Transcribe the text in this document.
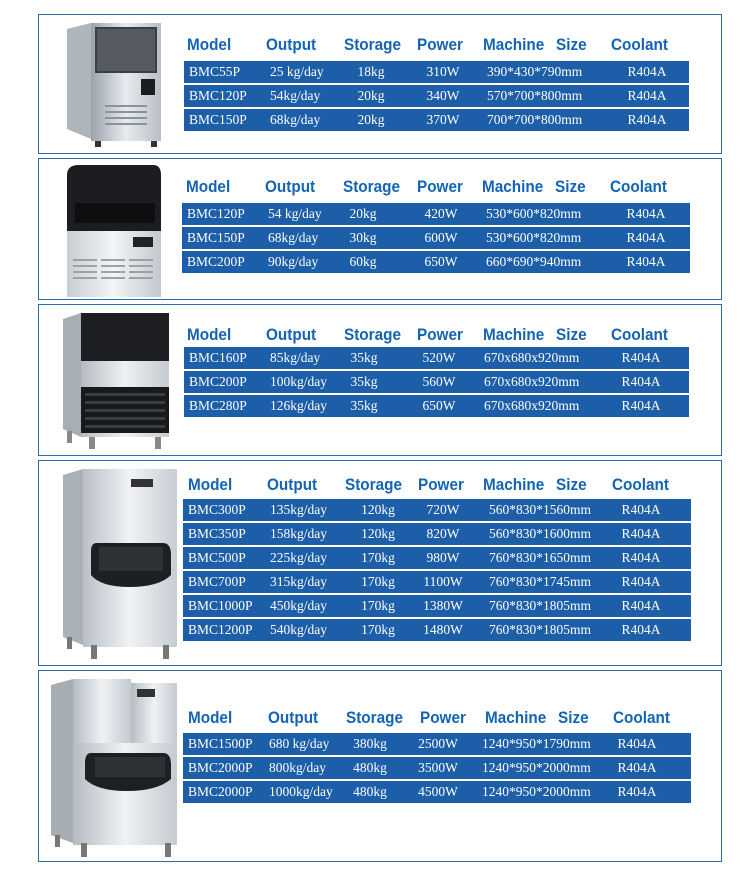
Model Output Storage Power Machine Size Coolant
BMC55P 25 kg/day	18kg	310W	390*430*790mm	R404A
BMC120P 54kg/day	20kg	340W	570*700*800mm	R404A
BMC150P 68kg/day	20kg	370W	700*700*800mm	R404A
Model Output Storage Power Machine Size Coolant
BMC120P 54 kg/day	20kg	420W	530*600*820mm	R404A
BMC150P 68kg/day	30kg	600W	530*600*820mm	R404A
BMC200P 90kg/day	60kg	650W	660*690*940mm	R404A
Model Output Storage Power Machine Size Coolant
BMC160P 85kg/day	35kg	520W	670x680x920mm	R404A
BMC200P 100kg/day	35kg	560W	670x680x920mm	R404A
BMC280P 126kg/day	35kg	650W	670x680x920mm	R404A
Model Output Storage Power Machine Size Coolant
BMC300P 135kg/day	120kg	720W	560*830*1560mm	R404A
BMC350P 158kg/day	120kg	820W	560*830*1600mm	R404A
BMC500P 225kg/day	170kg	980W	760*830*1650mm	R404A
BMC700P 315kg/day	170kg	1100W	760*830*1745mm	R404A
BMC1000P 450kg/day	170kg	1380W	760*830*1805mm	R404A
BMC1200P 540kg/day	170kg	1480W	760*830*1805mm	R404A
Model Output Storage Power Machine Size Coolant
BMC1500P 680 kg/day	380kg	2500W	1240*950*1790mm	R404A
BMC2000P 800kg/day	480kg	3500W	1240*950*2000mm	R404A
BMC2000P 1000kg/day	480kg	4500W	1240*950*2000mm	R404A
